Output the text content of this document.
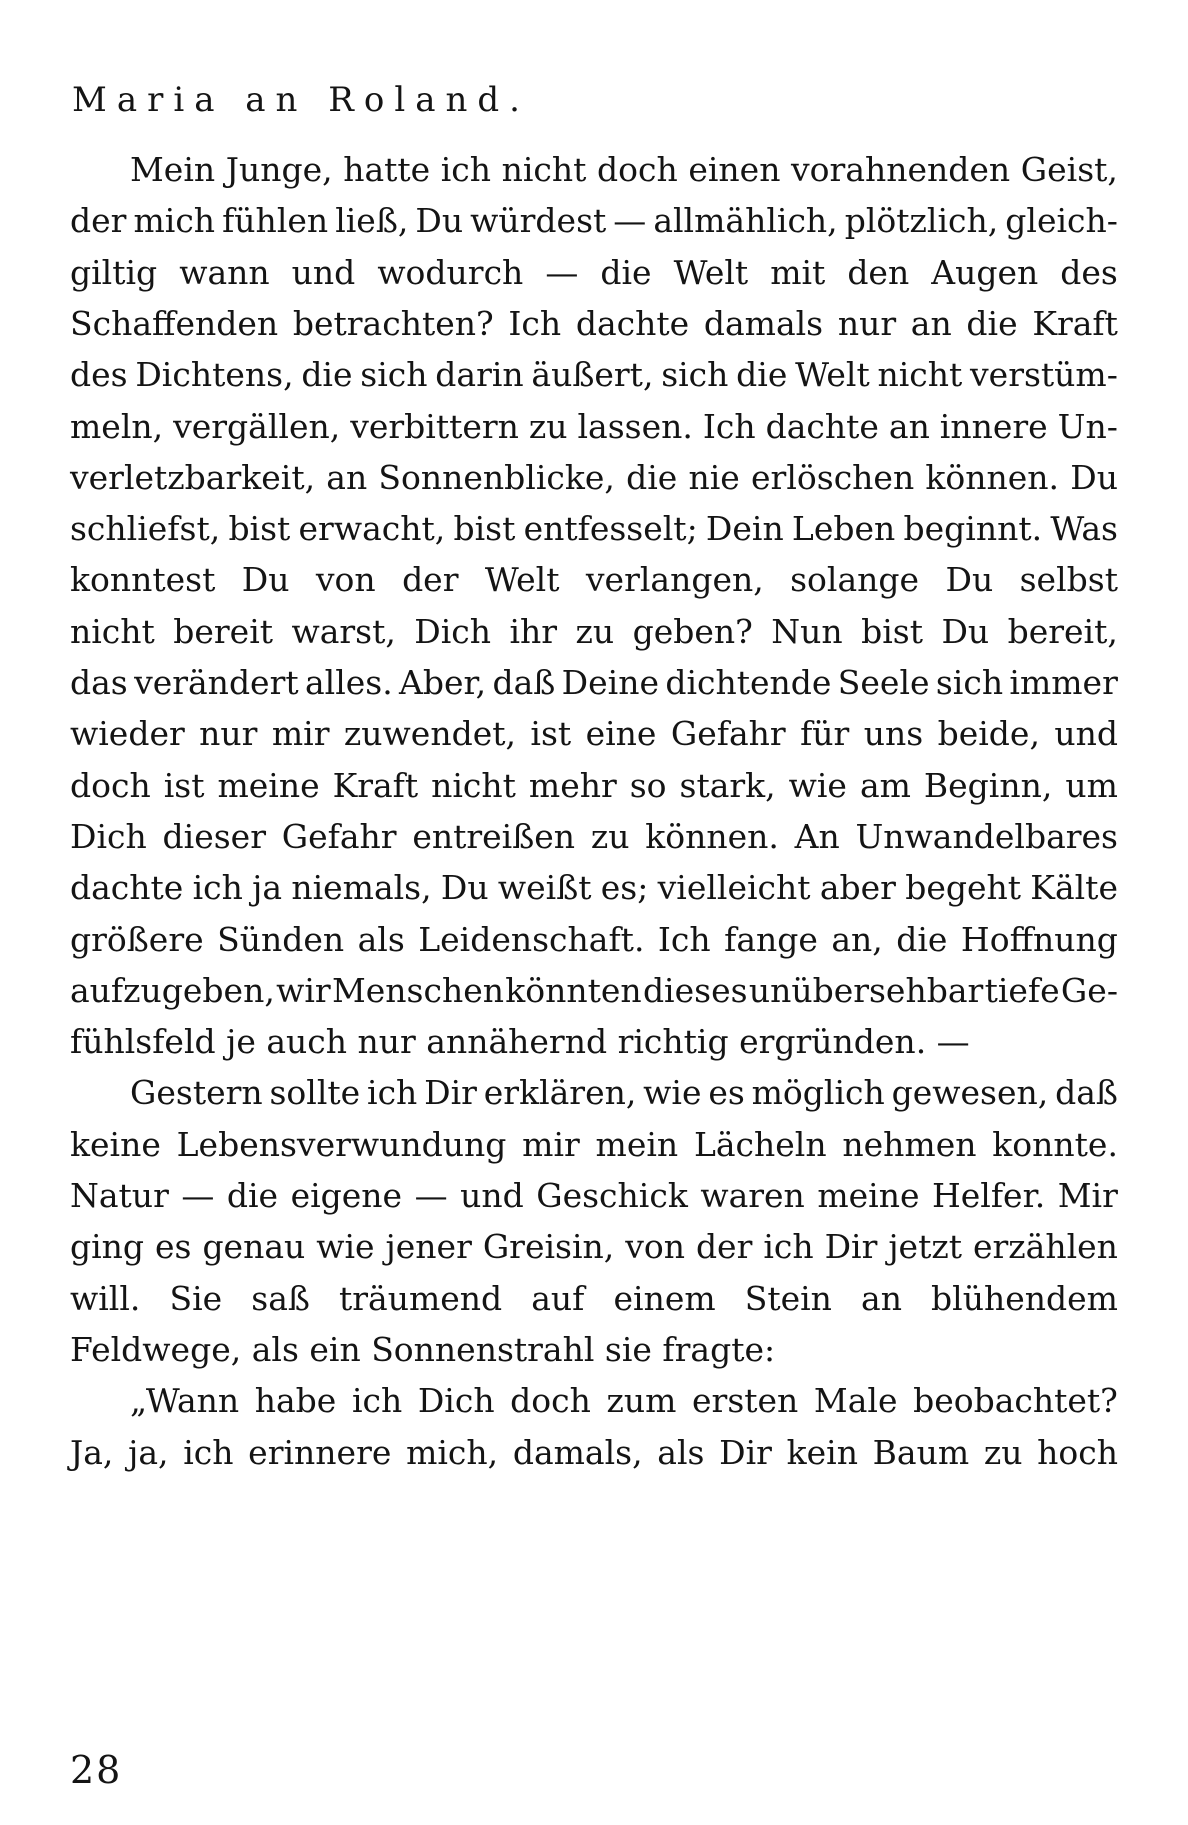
Maria an Roland.
Mein Junge, hatte ich nicht doch einen vorahnenden Geist,
der mich fühlen ließ, Du würdest — allmählich, plötzlich, gleich-
giltig wann und wodurch — die Welt mit den Augen des
Schaffenden betrachten? Ich dachte damals nur an die Kraft
des Dichtens, die sich darin äußert, sich die Welt nicht verstüm-
meln, vergällen, verbittern zu lassen. Ich dachte an innere Un-
verletzbarkeit, an Sonnenblicke, die nie erlöschen können. Du
schliefst, bist erwacht, bist entfesselt; Dein Leben beginnt. Was
konntest Du von der Welt verlangen, solange Du selbst
nicht bereit warst, Dich ihr zu geben? Nun bist Du bereit,
das verändert alles. Aber, daß Deine dichtende Seele sich immer
wieder nur mir zuwendet, ist eine Gefahr für uns beide, und
doch ist meine Kraft nicht mehr so stark, wie am Beginn, um
Dich dieser Gefahr entreißen zu können. An Unwandelbares
dachte ich ja niemals, Du weißt es; vielleicht aber begeht Kälte
größere Sünden als Leidenschaft. Ich fange an, die Hoffnung
aufzugeben, wir Menschen könnten dieses unübersehbar tiefe Ge-
fühlsfeld je auch nur annähernd richtig ergründen. —
Gestern sollte ich Dir erklären, wie es möglich gewesen, daß
keine Lebensverwundung mir mein Lächeln nehmen konnte.
Natur — die eigene — und Geschick waren meine Helfer. Mir
ging es genau wie jener Greisin, von der ich Dir jetzt erzählen
will. Sie saß träumend auf einem Stein an blühendem
Feldwege, als ein Sonnenstrahl sie fragte:
„Wann habe ich Dich doch zum ersten Male beobachtet?
Ja, ja, ich erinnere mich, damals, als Dir kein Baum zu hoch
28
